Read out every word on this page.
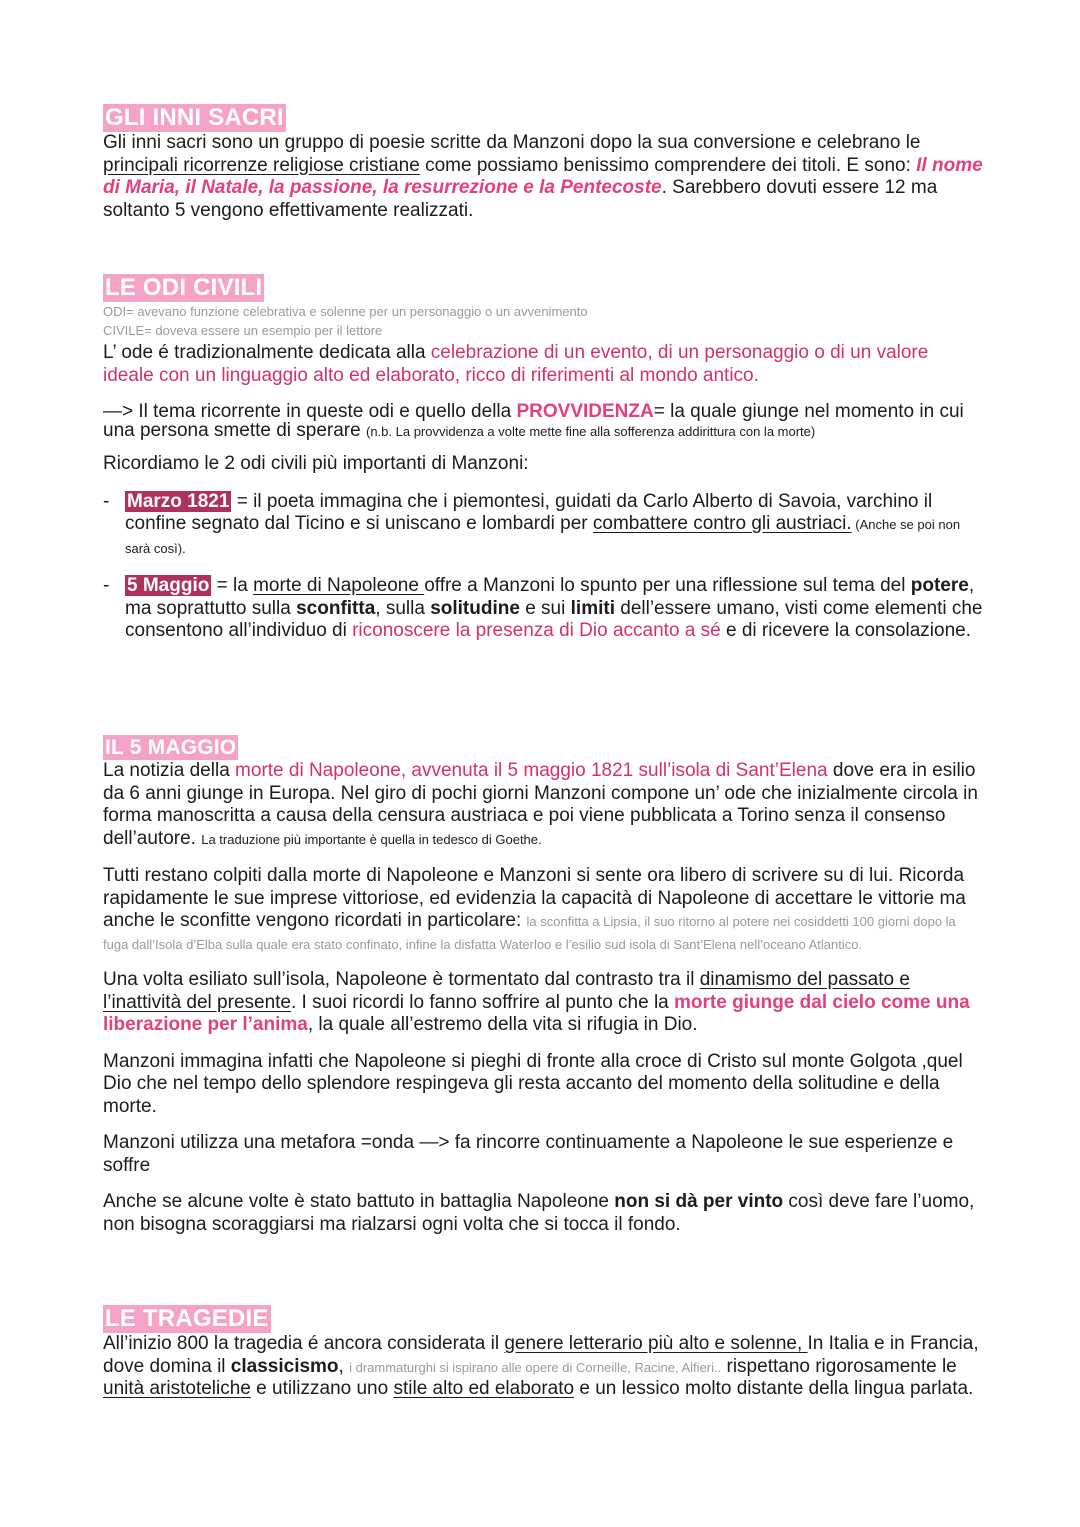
GLI INNI SACRI

Gli inni sacri sono un gruppo di poesie scritte da Manzoni dopo la sua conversione e celebrano le principali ricorrenze religiose cristiane come possiamo benissimo comprendere dei titoli. E sono: Il nome di Maria, il Natale, la passione, la resurrezione e la Pentecoste. Sarebbero dovuti essere 12 ma soltanto 5 vengono effettivamente realizzati.

LE ODI CIVILI
ODI= avevano funzione celebrativa e solenne per un personaggio o un avvenimento
CIVILE= doveva essere un esempio per il lettore

L’ ode é tradizionalmente dedicata alla celebrazione di un evento, di un personaggio o di un valore ideale con un linguaggio alto ed elaborato, ricco di riferimenti al mondo antico.

—> Il tema ricorrente in queste odi e quello della PROVVIDENZA= la quale giunge nel momento in cui una persona smette di sperare (n.b. La provvidenza a volte mette fine alla sofferenza addirittura con la morte)

Ricordiamo le 2 odi civili più importanti di Manzoni:

- Marzo 1821 = il poeta immagina che i piemontesi, guidati da Carlo Alberto di Savoia, varchino il confine segnato dal Ticino e si uniscano e lombardi per combattere contro gli austriaci. (Anche se poi non sarà così).

- 5 Maggio = la morte di Napoleone offre a Manzoni lo spunto per una riflessione sul tema del potere, ma soprattutto sulla sconfitta, sulla solitudine e sui limiti dell’essere umano, visti come elementi che consentono all’individuo di riconoscere la presenza di Dio accanto a sé e di ricevere la consolazione.

IL 5 MAGGIO

La notizia della morte di Napoleone, avvenuta il 5 maggio 1821 sull’isola di Sant’Elena dove era in esilio da 6 anni giunge in Europa. Nel giro di pochi giorni Manzoni compone un’ ode che inizialmente circola in forma manoscritta a causa della censura austriaca e poi viene pubblicata a Torino senza il consenso dell’autore. La traduzione più importante è quella in tedesco di Goethe.

Tutti restano colpiti dalla morte di Napoleone e Manzoni si sente ora libero di scrivere su di lui. Ricorda rapidamente le sue imprese vittoriose, ed evidenzia la capacità di Napoleone di accettare le vittorie ma anche le sconfitte vengono ricordati in particolare: la sconfitta a Lipsia, il suo ritorno al potere nei cosiddetti 100 giorni dopo la fuga dall’Isola d’Elba sulla quale era stato confinato, infine la disfatta Waterloo e l’esilio sud isola di Sant’Elena nell’oceano Atlantico.

Una volta esiliato sull’isola, Napoleone è tormentato dal contrasto tra il dinamismo del passato e l’inattività del presente. I suoi ricordi lo fanno soffrire al punto che la morte giunge dal cielo come una liberazione per l’anima, la quale all’estremo della vita si rifugia in Dio.

Manzoni immagina infatti che Napoleone si pieghi di fronte alla croce di Cristo sul monte Golgota ,quel Dio che nel tempo dello splendore respingeva gli resta accanto del momento della solitudine e della morte.

Manzoni utilizza una metafora =onda —> fa rincorre continuamente a Napoleone le sue esperienze e soffre

Anche se alcune volte è stato battuto in battaglia Napoleone non si dà per vinto così deve fare l’uomo, non bisogna scoraggiarsi ma rialzarsi ogni volta che si tocca il fondo.

LE TRAGEDIE

All’inizio 800 la tragedia é ancora considerata il genere letterario più alto e solenne, In Italia e in Francia, dove domina il classicismo, i drammaturghi si ispirano alle opere di Corneille, Racine, Alfieri.. rispettano rigorosamente le unità aristoteliche e utilizzano uno stile alto ed elaborato e un lessico molto distante della lingua parlata.
